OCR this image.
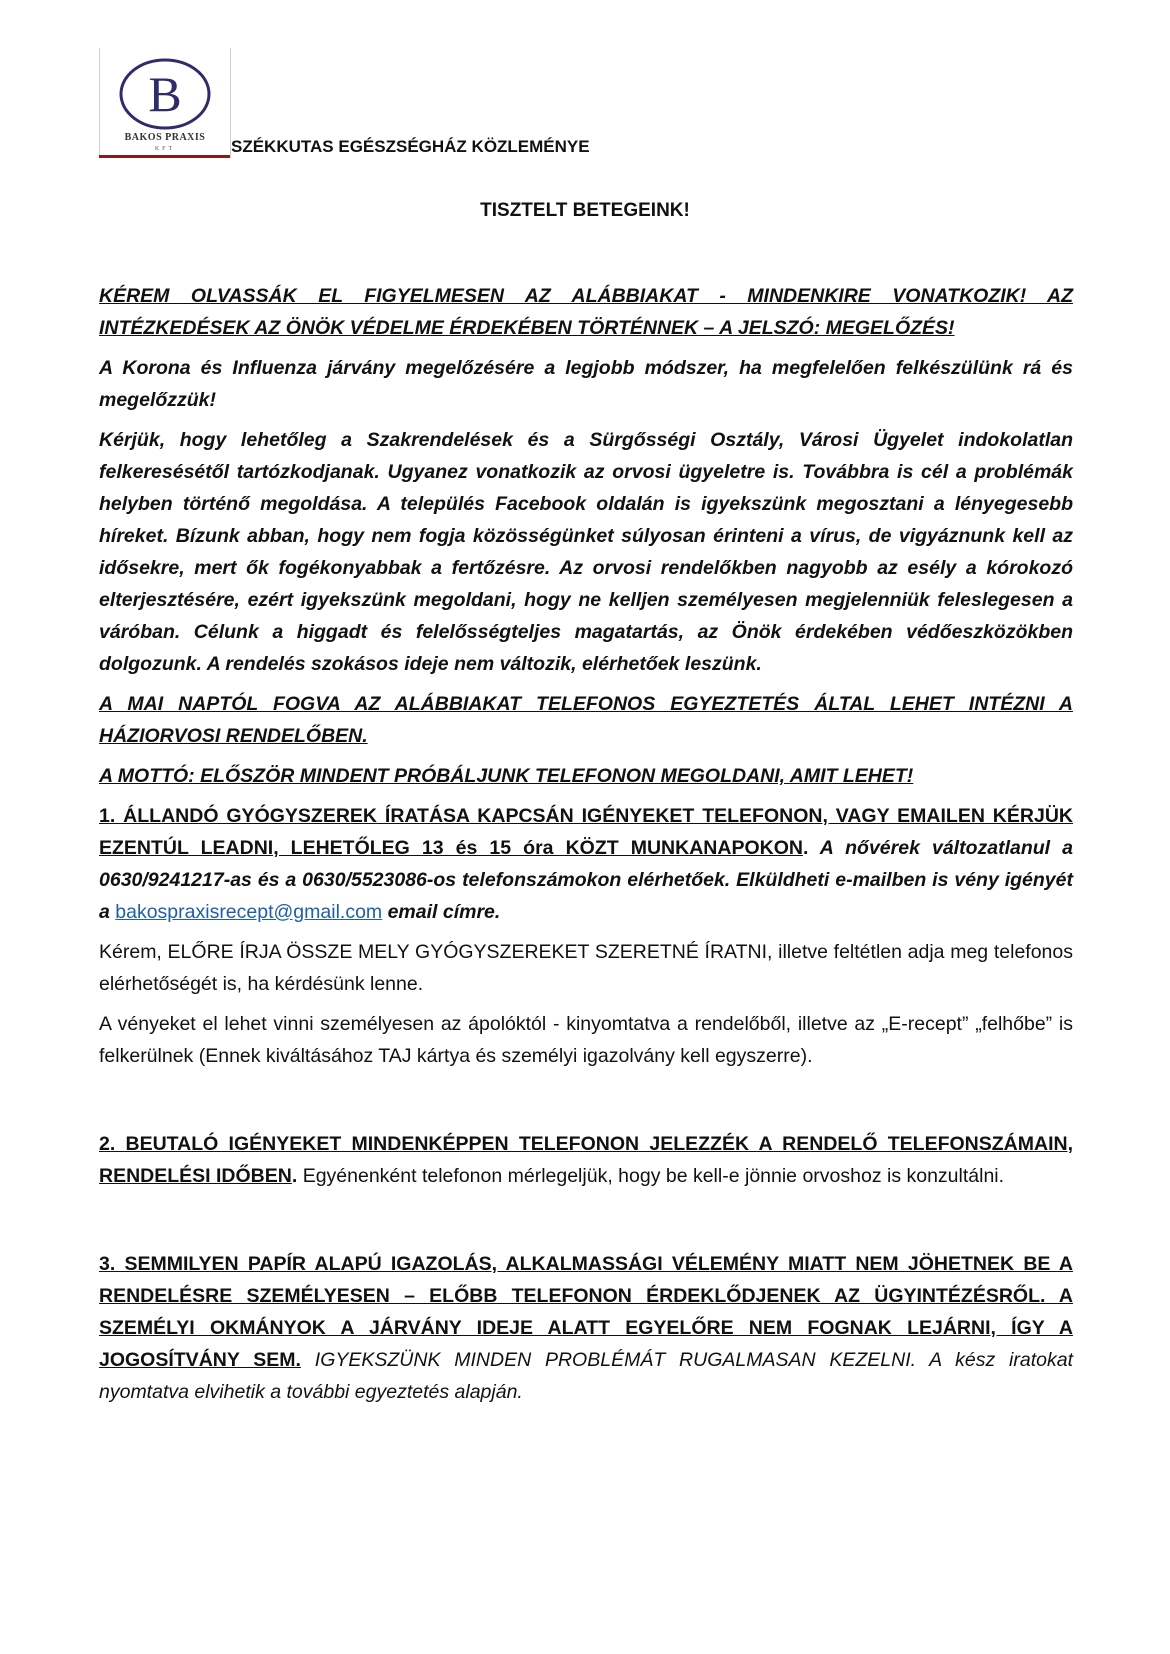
B
BAKOS PRAXIS
KFT	SZÉKKUTAS EGÉSZSÉGHÁZ KÖZLEMÉNYE
TISZTELT BETEGEINK!

KÉREM OLVASSÁK EL FIGYELMESEN AZ ALÁBBIAKAT - MINDENKIRE VONATKOZIK! AZ INTÉZKEDÉSEK AZ ÖNÖK VÉDELME ÉRDEKÉBEN TÖRTÉNNEK – A JELSZÓ: MEGELŐZÉS!

A Korona és Influenza járvány megelőzésére a legjobb módszer, ha megfelelően felkészülünk rá és megelőzzük!

Kérjük, hogy lehetőleg a Szakrendelések és a Sürgősségi Osztály, Városi Ügyelet indokolatlan felkeresésétől tartózkodjanak. Ugyanez vonatkozik az orvosi ügyeletre is. Továbbra is cél a problémák helyben történő megoldása. A település Facebook oldalán is igyekszünk megosztani a lényegesebb híreket. Bízunk abban, hogy nem fogja közösségünket súlyosan érinteni a vírus, de vigyáznunk kell az idősekre, mert ők fogékonyabbak a fertőzésre. Az orvosi rendelőkben nagyobb az esély a kórokozó elterjesztésére, ezért igyekszünk megoldani, hogy ne kelljen személyesen megjelenniük feleslegesen a váróban. Célunk a higgadt és felelősségteljes magatartás, az Önök érdekében védőeszközökben dolgozunk. A rendelés szokásos ideje nem változik, elérhetőek leszünk.

A MAI NAPTÓL FOGVA AZ ALÁBBIAKAT TELEFONOS EGYEZTETÉS ÁLTAL LEHET INTÉZNI A HÁZIORVOSI RENDELŐBEN.

A MOTTÓ: ELŐSZÖR MINDENT PRÓBÁLJUNK TELEFONON MEGOLDANI, AMIT LEHET!

1. ÁLLANDÓ GYÓGYSZEREK ÍRATÁSA KAPCSÁN IGÉNYEKET TELEFONON, VAGY EMAILEN KÉRJÜK EZENTÚL LEADNI, LEHETŐLEG 13 és 15 óra KÖZT MUNKANAPOKON. A nővérek változatlanul a 0630/9241217-as és a 0630/5523086-os telefonszámokon elérhetőek. Elküldheti e-mailben is vény igényét a bakospraxisrecept@gmail.com email címre.

Kérem, ELŐRE ÍRJA ÖSSZE MELY GYÓGYSZEREKET SZERETNÉ ÍRATNI, illetve feltétlen adja meg telefonos elérhetőségét is, ha kérdésünk lenne.

A vényeket el lehet vinni személyesen az ápolóktól - kinyomtatva a rendelőből, illetve az „E-recept” „felhőbe” is felkerülnek (Ennek kiváltásához TAJ kártya és személyi igazolvány kell egyszerre).

2. BEUTALÓ IGÉNYEKET MINDENKÉPPEN TELEFONON JELEZZÉK A RENDELŐ TELEFONSZÁMAIN, RENDELÉSI IDŐBEN. Egyénenként telefonon mérlegeljük, hogy be kell-e jönnie orvoshoz is konzultálni.

3. SEMMILYEN PAPÍR ALAPÚ IGAZOLÁS, ALKALMASSÁGI VÉLEMÉNY MIATT NEM JÖHETNEK BE A RENDELÉSRE SZEMÉLYESEN – ELŐBB TELEFONON ÉRDEKLŐDJENEK AZ ÜGYINTÉZÉSRŐL. A SZEMÉLYI OKMÁNYOK A JÁRVÁNY IDEJE ALATT EGYELŐRE NEM FOGNAK LEJÁRNI, ÍGY A JOGOSÍTVÁNY SEM. IGYEKSZÜNK MINDEN PROBLÉMÁT RUGALMASAN KEZELNI. A kész iratokat nyomtatva elvihetik a további egyeztetés alapján.
